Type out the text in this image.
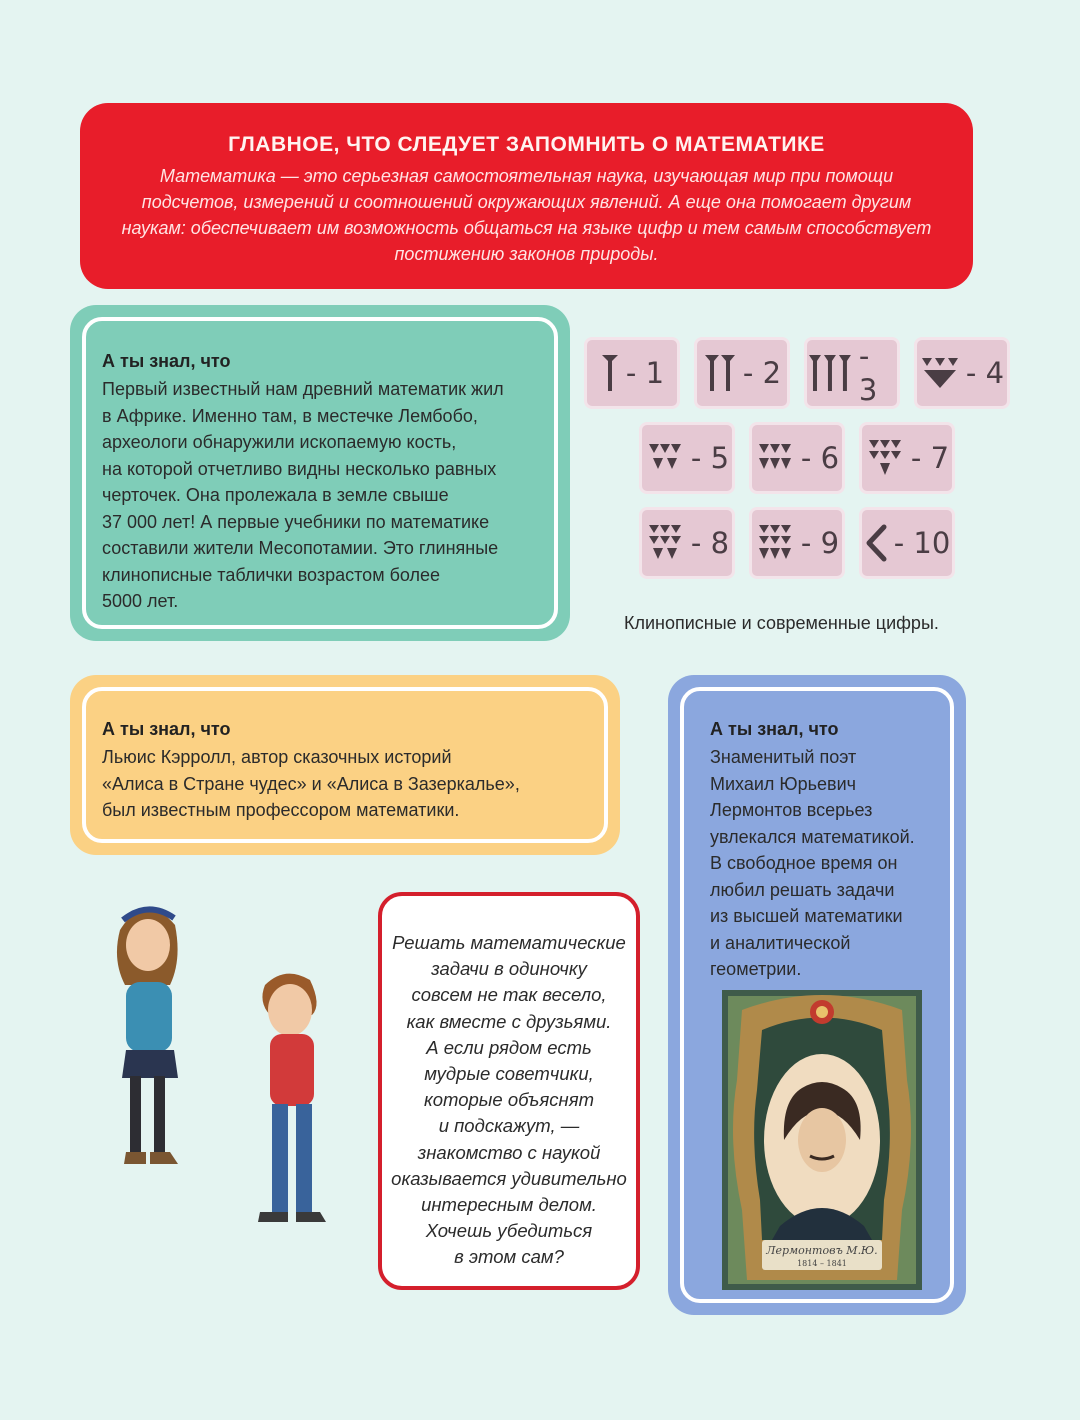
ГЛАВНОЕ, ЧТО СЛЕДУЕТ ЗАПОМНИТЬ О МАТЕМАТИКЕ
Математика — это серьезная самостоятельная наука, изучающая мир при помощи подсчетов, измерений и соотношений окружающих явлений. А еще она помогает другим наукам: обеспечивает им возможность общаться на языке цифр и тем самым способствует постижению законов природы.
А ты знал, что
Первый известный нам древний математик жил
в Африке. Именно там, в местечке Лембобо,
археологи обнаружили ископаемую кость,
на которой отчетливо видны несколько равных
черточек. Она пролежала в земле свыше
37 000 лет! А первые учебники по математике
составили жители Месопотамии. Это глиняные
клинописные таблички возрастом более
5000 лет.
- 1	- 2	- 3	- 4
- 5 - 6 - 7
- 8 - 9 - 10
Клинописные и современные цифры.
А ты знал, что
Льюис Кэрролл, автор сказочных историй
«Алиса в Стране чудес» и «Алиса в Зазеркалье»,
был известным профессором математики.
А ты знал, что
Знаменитый поэт
Михаил Юрьевич
Лермонтов всерьез
увлекался математикой.
В свободное время он
любил решать задачи
из высшей математики
и аналитической
геометрии.
Лермонтовъ М.Ю.
1814 – 1841
Решать математические
задачи в одиночку
совсем не так весело,
как вместе с друзьями.
А если рядом есть
мудрые советчики,
которые объяснят
и подскажут, —
знакомство с наукой
оказывается удивительно
интересным делом.
Хочешь убедиться
в этом сам?
